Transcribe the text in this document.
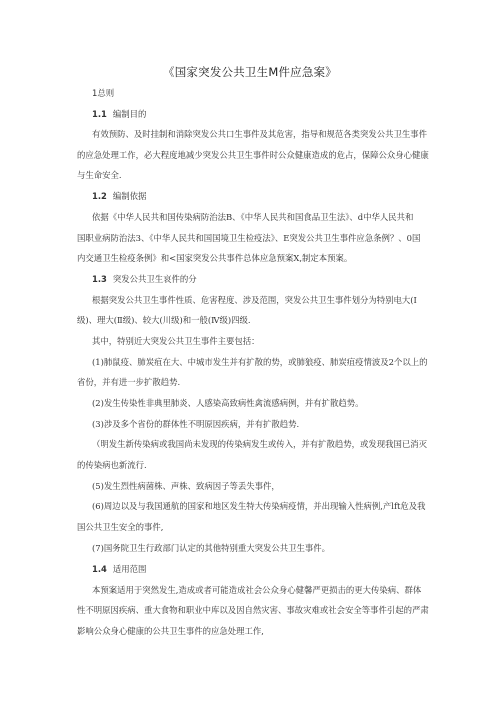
《国家突发公共卫生M件应急案》
1总则
1.1 编制目的
有效预防、及时挂制和消除突发公共口生事件及其危害，指导和规范各类突发公共卫生事件
的应急处理工作，必大程度地减少突发公共卫生事件时公众健康造成的危占，保障公众身心健康
与生命安全.
1.2 编制依据
依据《中华人民共和国传染病防治法B、《中华人民共和国食品卫生法》、d中华人民共和
国职业病防治法3、《中华人民共和国国境卫生检疫法》、E突发公共卫生事件应急条例？、0国
内交通卫生检疫条例》和<国家突发公共事件总体应急预案X,制定本预案。
1.3 突发公共卫生哀件的分
根据突发公共卫生事件性质、危害程度、涉及范围，突发公共卫生事件划分为特别电大(I
级)、理大(Ⅱ级)、较大(川级)和一般(Ⅳ级)四级.
其中，特别近大突发公共卫生事件主要包括：
(1)肺鼠疫、肺炭疽在大、中城市发生并有扩散的势，或肺狼疫、肺炭疽疫情波及2个以上的
省份，并有进一步扩散趋势.
(2)发生传染性非典里肺炎、人感染高致病性禽流感病例，并有扩散趋势。
(3)涉及多个省份的群体性不明原因疾病，并有扩散趋势.
（明发生新传染病或我国尚未发现的传染病发生或传入，并有扩散趋势，或发现我国已消灭
的传染病也新流行.
(5)发生烈性病菌株、声株、致病因子等丢失事件，
(6)周边以及与我国通航的国家和地区发生特大传染病疫情，并出现输入性病例,产lft危及我
国公共卫生安全的事件,
(7)国务院卫生行政部门认定的其他特别重大突发公共卫生事件。
1.4 适用范围
本预案适用于突然发生,造成或者可能造成社会公众身心健馨严更损击的更大传染病、群体
性不明原因疾病、重大食物和职业中库以及因自然灾害、事故灾难或社会安全等事件引起的严肃
影响公众身心健康的公共卫生事件的应急处理工作,
